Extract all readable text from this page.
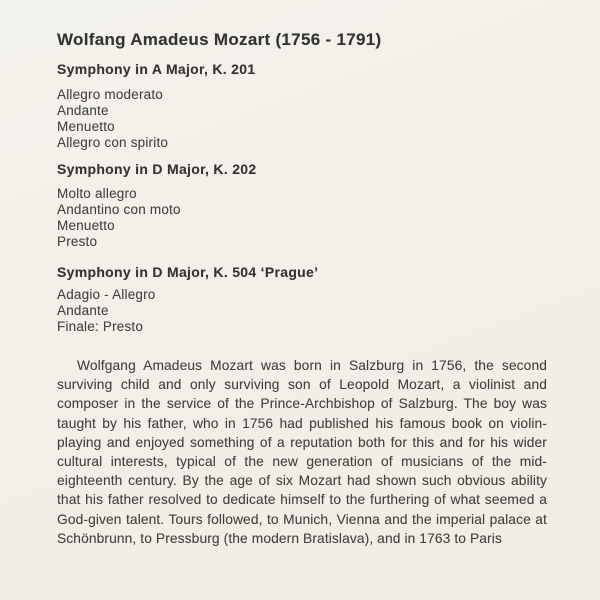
Wolfang Amadeus Mozart (1756 - 1791)
Symphony in A Major, K. 201
Allegro moderato
Andante
Menuetto
Allegro con spirito
Symphony in D Major, K. 202
Molto allegro
Andantino con moto
Menuetto
Presto
Symphony in D Major, K. 504 ‘Prague’
Adagio - Allegro
Andante
Finale: Presto

Wolfgang Amadeus Mozart was born in Salzburg in 1756, the second surviving child and only surviving son of Leopold Mozart, a violinist and composer in the service of the Prince-Archbishop of Salzburg. The boy was taught by his father, who in 1756 had published his famous book on violin-playing and enjoyed something of a reputation both for this and for his wider cultural interests, typical of the new generation of musicians of the mid-eighteenth century. By the age of six Mozart had shown such obvious ability that his father resolved to dedicate himself to the furthering of what seemed a God-given talent. Tours followed, to Munich, Vienna and the imperial palace at Schönbrunn, to Pressburg (the modern Bratislava), and in 1763 to Paris
